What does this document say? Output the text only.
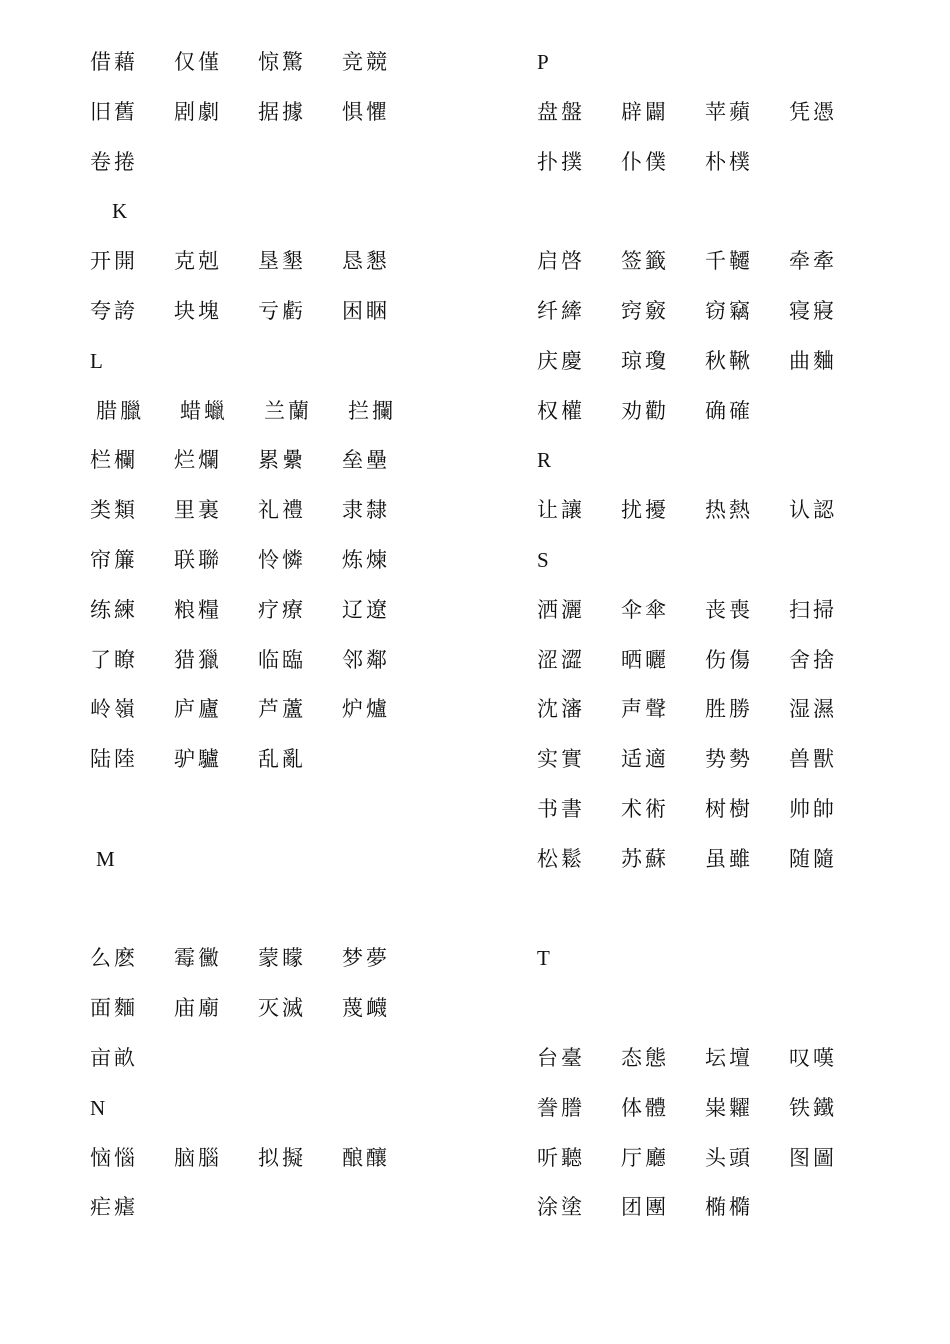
借藉 仅僅 惊驚 竞競
旧舊 剧劇 据據 惧懼
卷捲
K
开開 克剋 垦墾 恳懇
夸誇 块塊 亏虧 困睏
L
腊臘 蜡蠟 兰蘭 拦攔
栏欄 烂爛 累纍 垒壘
类類 里裏 礼禮 隶隸
帘簾 联聯 怜憐 炼煉
练練 粮糧 疗療 辽遼
了瞭 猎獵 临臨 邻鄰
岭嶺 庐廬 芦蘆 炉爐
陆陸 驴驢 乱亂
M
么麽 霉黴 蒙矇 梦夢
面麵 庙廟 灭滅 蔑衊
亩畝
N
恼惱 脑腦 拟擬 酿釀
疟瘧
P
盘盤 辟闢 苹蘋 凭憑
扑撲 仆僕 朴樸
启啓 签籤 千韆 牵牽
纤縴 窍竅 窃竊 寝寢
庆慶 琼瓊 秋鞦 曲麯
权權 劝勸 确確
R
让讓 扰擾 热熱 认認
S
洒灑 伞傘 丧喪 扫掃
涩澀 晒曬 伤傷 舍捨
沈瀋 声聲 胜勝 湿濕
实實 适適 势勢 兽獸
书書 术術 树樹 帅帥
松鬆 苏蘇 虽雖 随隨
T
台臺 态態 坛壇 叹嘆
誊謄 体體 粜糶 铁鐵
听聽 厅廳 头頭 图圖
涂塗 团團 椭橢
